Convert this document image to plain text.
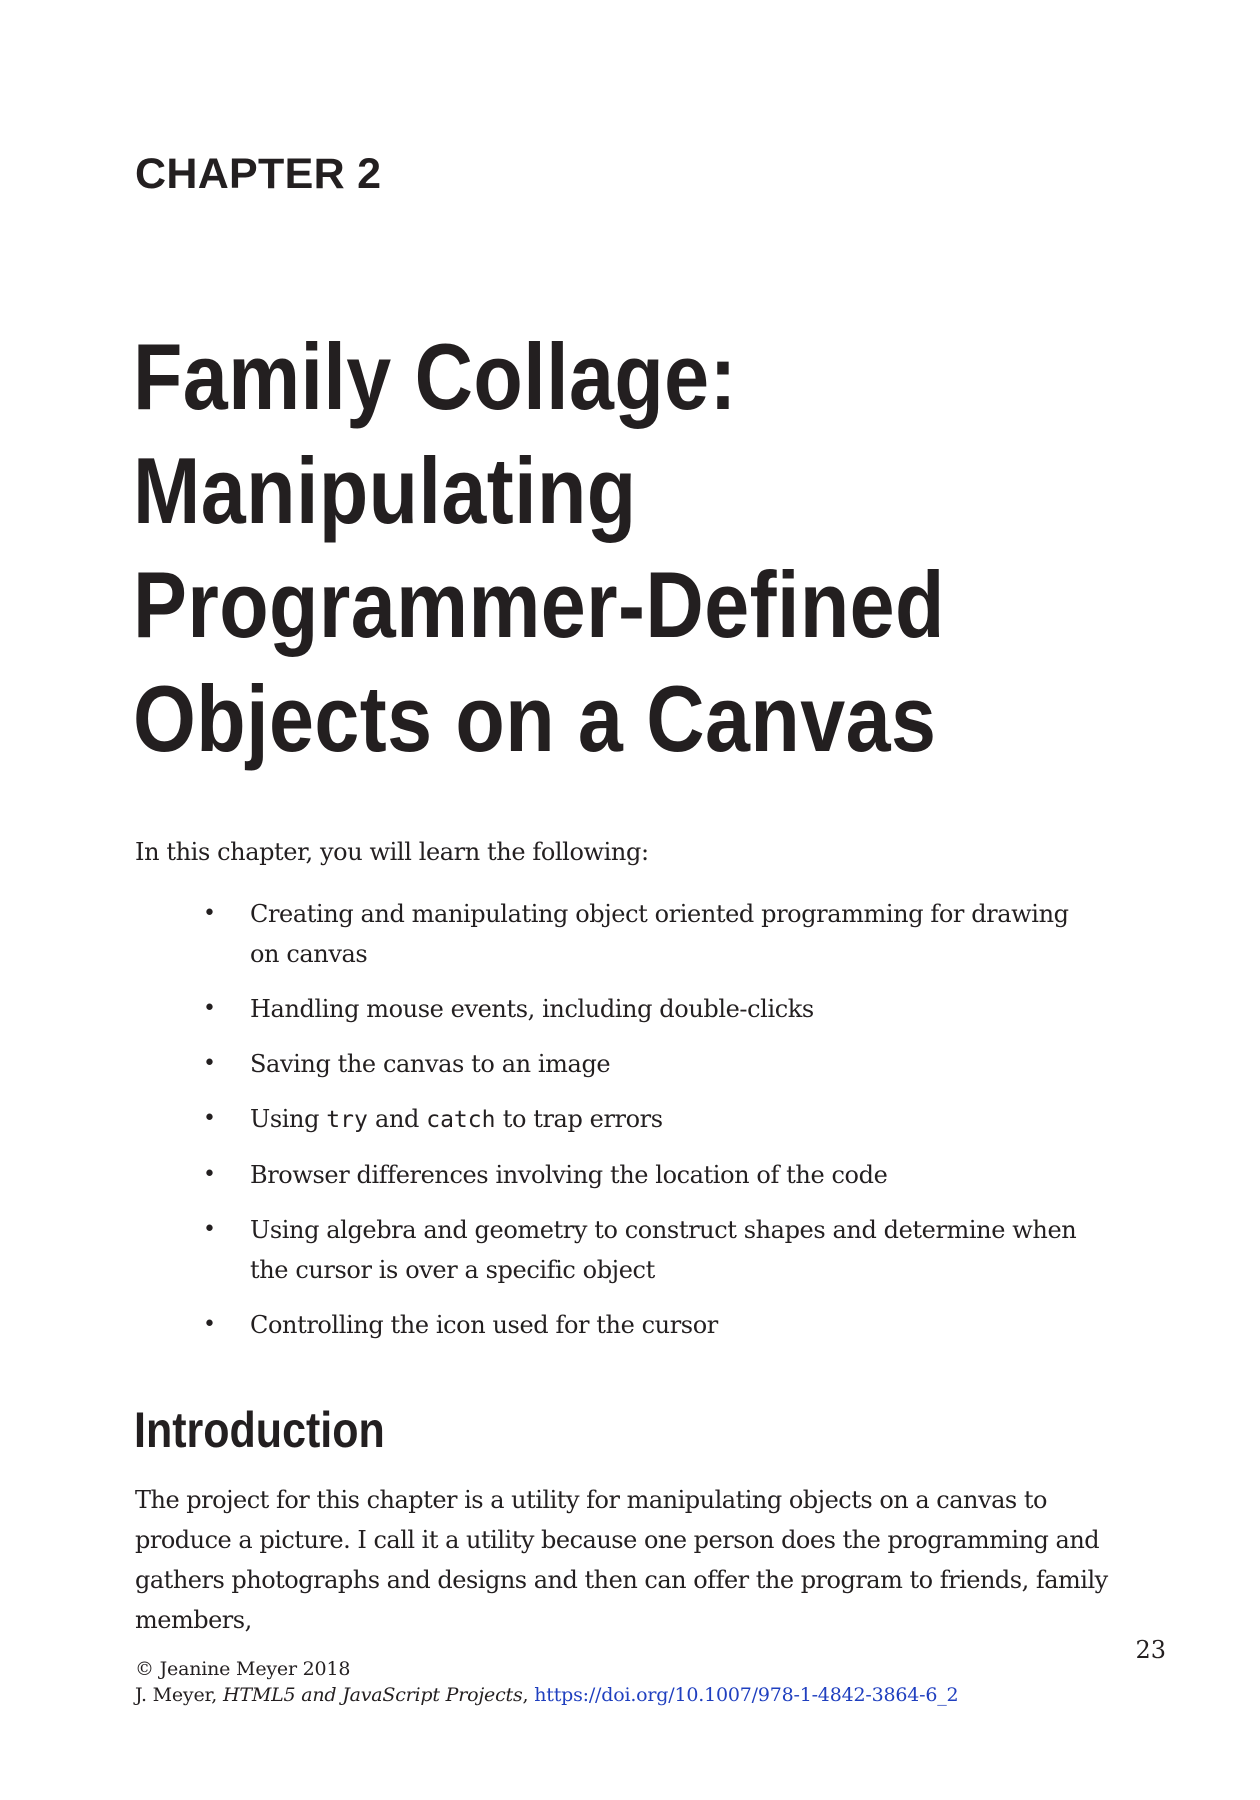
CHAPTER 2
Family Collage:
Manipulating
Programmer-Defined
Objects on a Canvas
In this chapter, you will learn the following:
• Creating and manipulating object oriented programming for drawing on canvas
• Handling mouse events, including double-clicks
• Saving the canvas to an image
• Using try and catch to trap errors
• Browser differences involving the location of the code
• Using algebra and geometry to construct shapes and determine when the cursor is over a specific object
• Controlling the icon used for the cursor
Introduction

The project for this chapter is a utility for manipulating objects on a canvas to produce a picture. I call it a utility because one person does the programming and gathers photographs and designs and then can offer the program to friends, family members,

23
© Jeanine Meyer 2018
J. Meyer, HTML5 and JavaScript Projects, https://doi.org/10.1007/978-1-4842-3864-6_2
